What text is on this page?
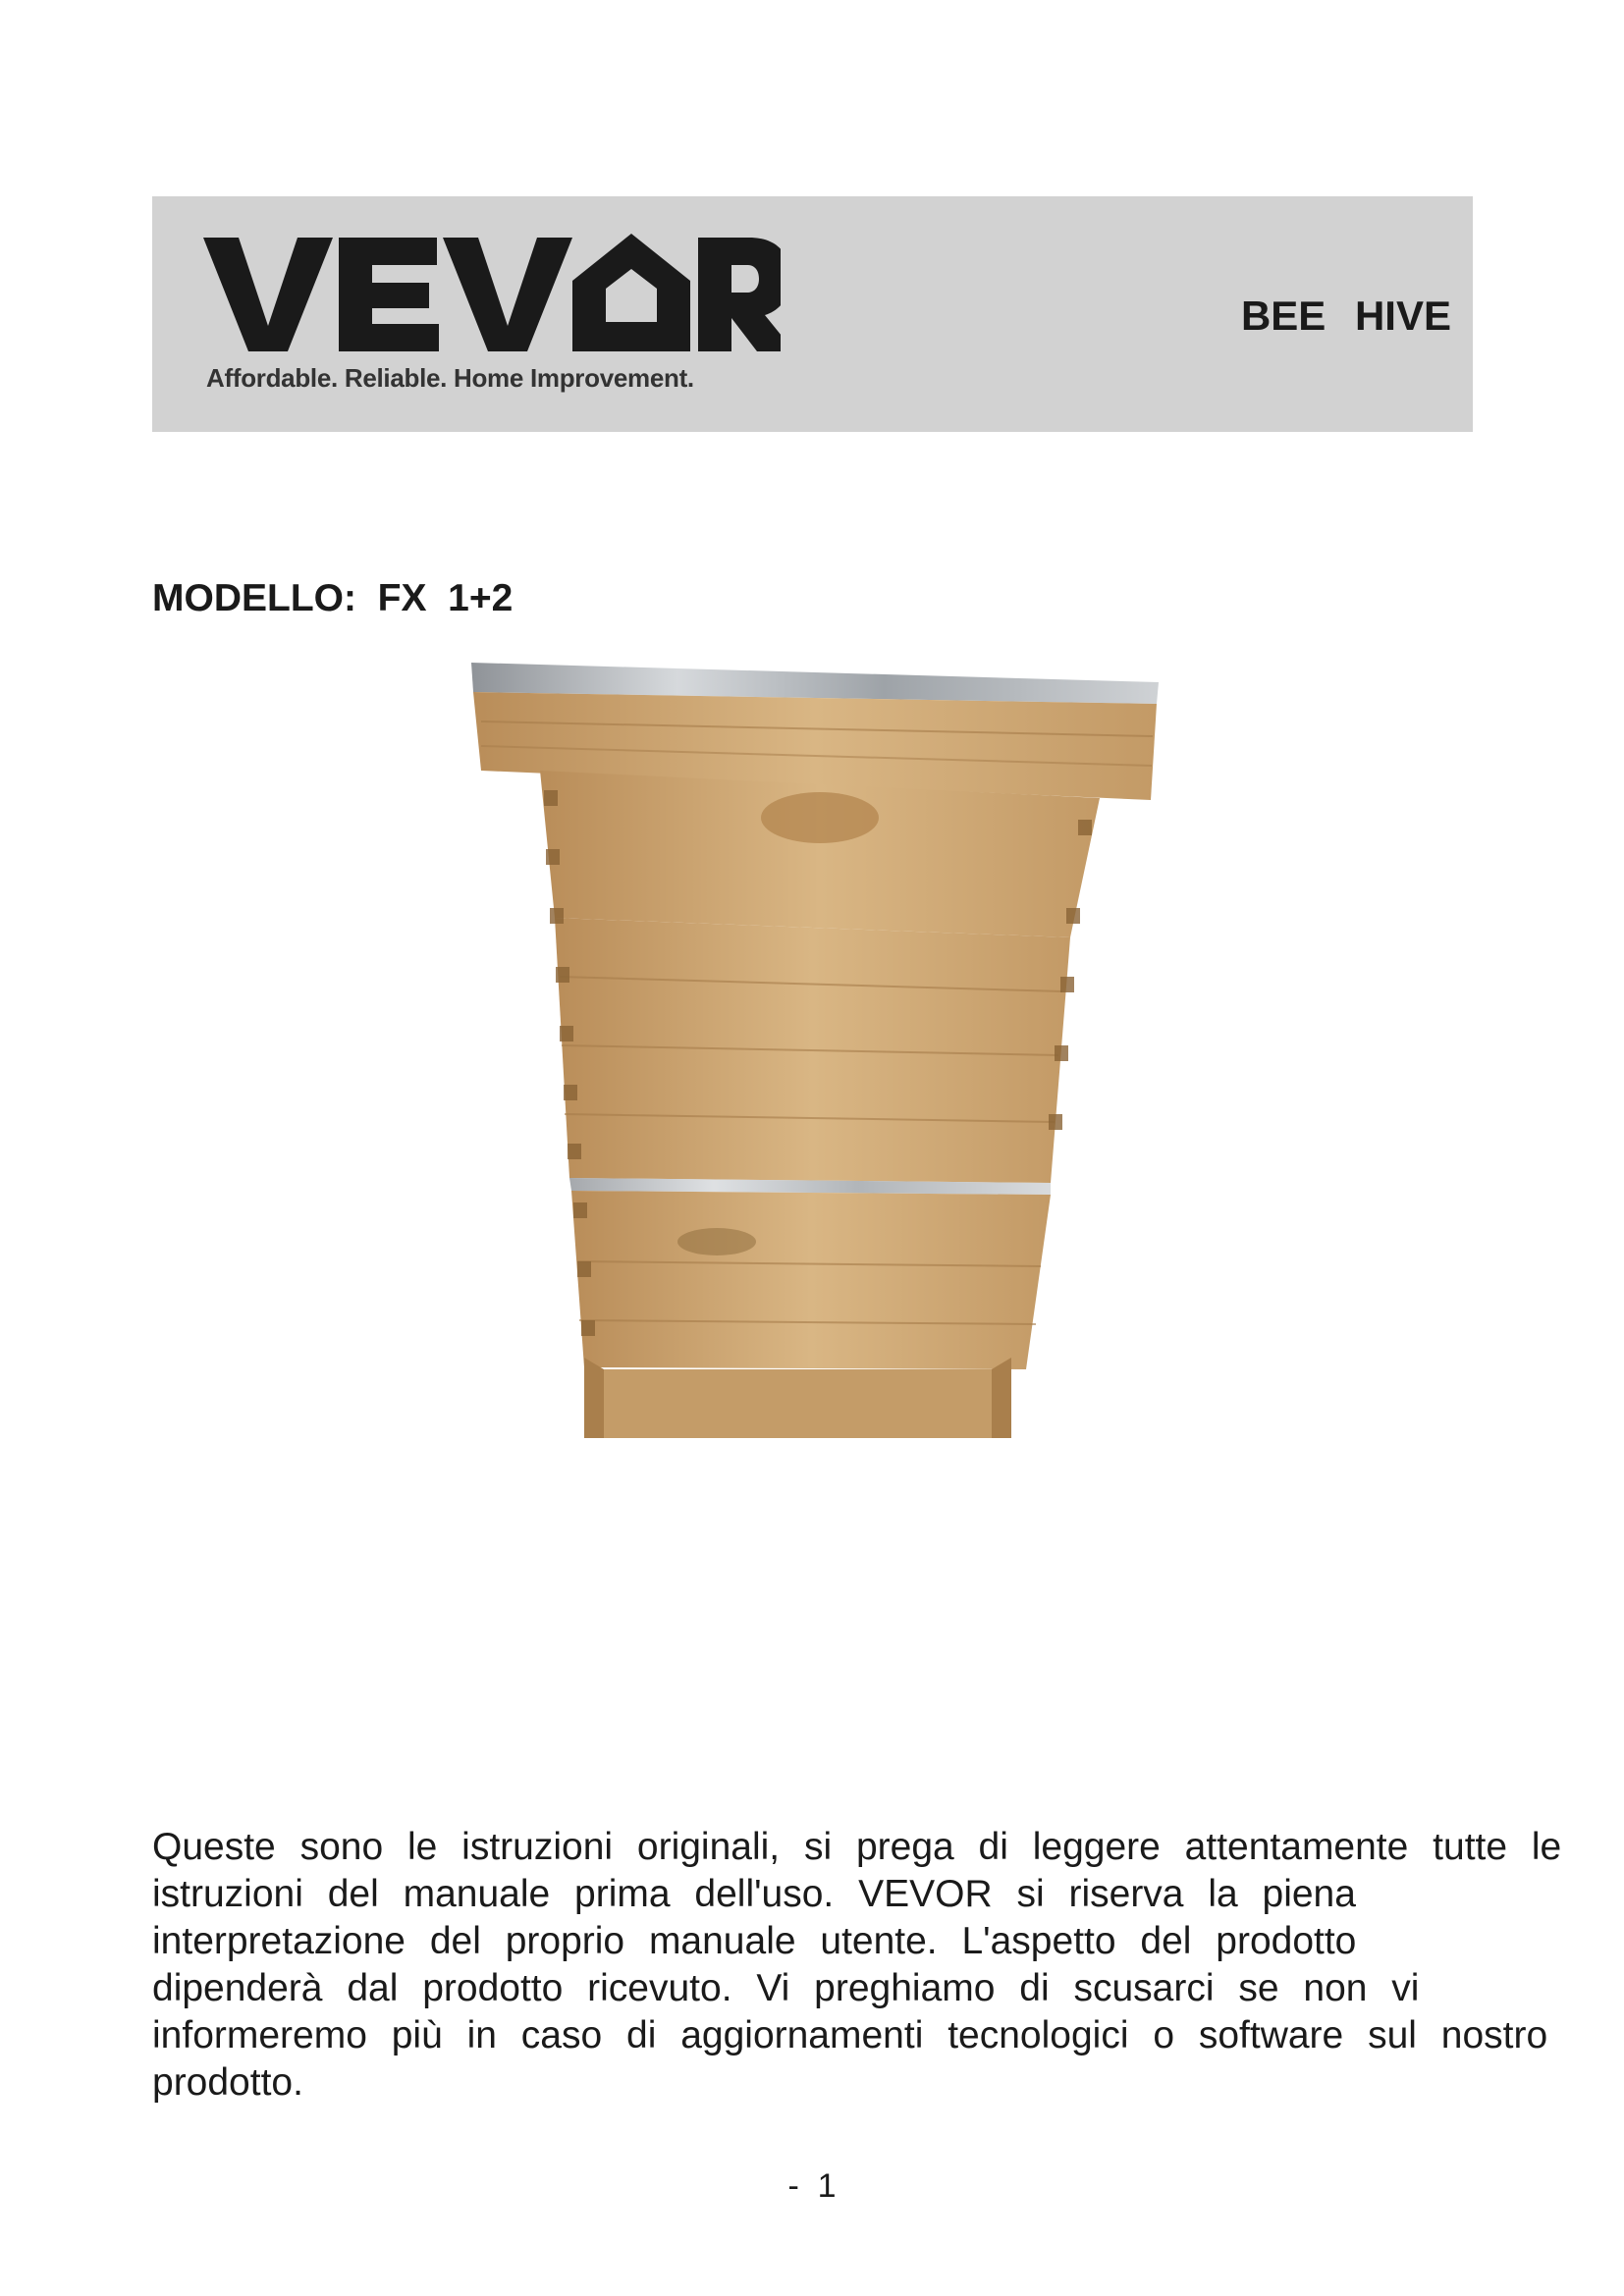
Affordable. Reliable. Home Improvement.
BEE HIVE
MODELLO:  FX  1+2
Queste sono le istruzioni originali, si prega di leggere attentamente tutte le
istruzioni del manuale prima dell'uso. VEVOR si riserva la piena
interpretazione del proprio manuale utente. L'aspetto del prodotto
dipenderà dal prodotto ricevuto. Vi preghiamo di scusarci se non vi
informeremo più in caso di aggiornamenti tecnologici o software sul nostro
prodotto.
-  1
